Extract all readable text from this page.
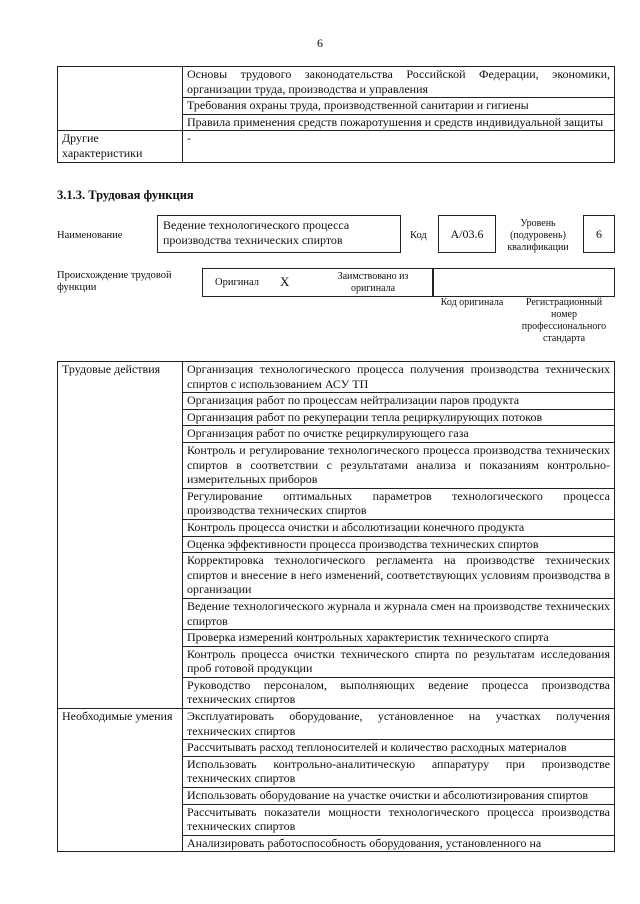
6
	Основы трудового законодательства Российской Федерации, экономики, организации труда, производства и управления
	Требования охраны труда, производственной санитарии и гигиены
	Правила применения средств пожаротушения и средств индивидуальной защиты
Другие характеристики	-
3.1.3. Трудовая функция
Наименование
Ведение технологического процесса производства технических спиртов	Код	А/03.6
Уровень (подуровень) квалификации
6
Происхождение трудовой функции	Оригинал X	Заимствовано из оригинала
Код оригинала	Регистрационный номер профессионального стандарта
Трудовые действия	Организация технологического процесса получения производства технических спиртов с использованием АСУ ТП
	Организация работ по процессам нейтрализации паров продукта
	Организация работ по рекуперации тепла рециркулирующих потоков
	Организация работ по очистке рециркулирующего газа
	Контроль и регулирование технологического процесса производства технических спиртов в соответствии с результатами анализа и показаниям контрольно-измерительных приборов
	Регулирование оптимальных параметров технологического процесса производства технических спиртов
	Контроль процесса очистки и абсолютизации конечного продукта
	Оценка эффективности процесса производства технических спиртов
	Корректировка технологического регламента на производстве технических спиртов и внесение в него изменений, соответствующих условиям производства в организации
	Ведение технологического журнала и журнала смен на производстве технических спиртов
	Проверка измерений контрольных характеристик технического спирта
	Контроль процесса очистки технического спирта по результатам исследования проб готовой продукции
	Руководство персоналом, выполняющих ведение процесса производства технических спиртов
Необходимые умения	Эксплуатировать оборудование, установленное на участках получения технических спиртов
	Рассчитывать расход теплоносителей и количество расходных материалов
	Использовать контрольно-аналитическую аппаратуру при производстве технических спиртов
	Использовать оборудование на участке очистки и абсолютизирования спиртов
	Рассчитывать показатели мощности технологического процесса производства технических спиртов
	Анализировать работоспособность оборудования, установленного на
